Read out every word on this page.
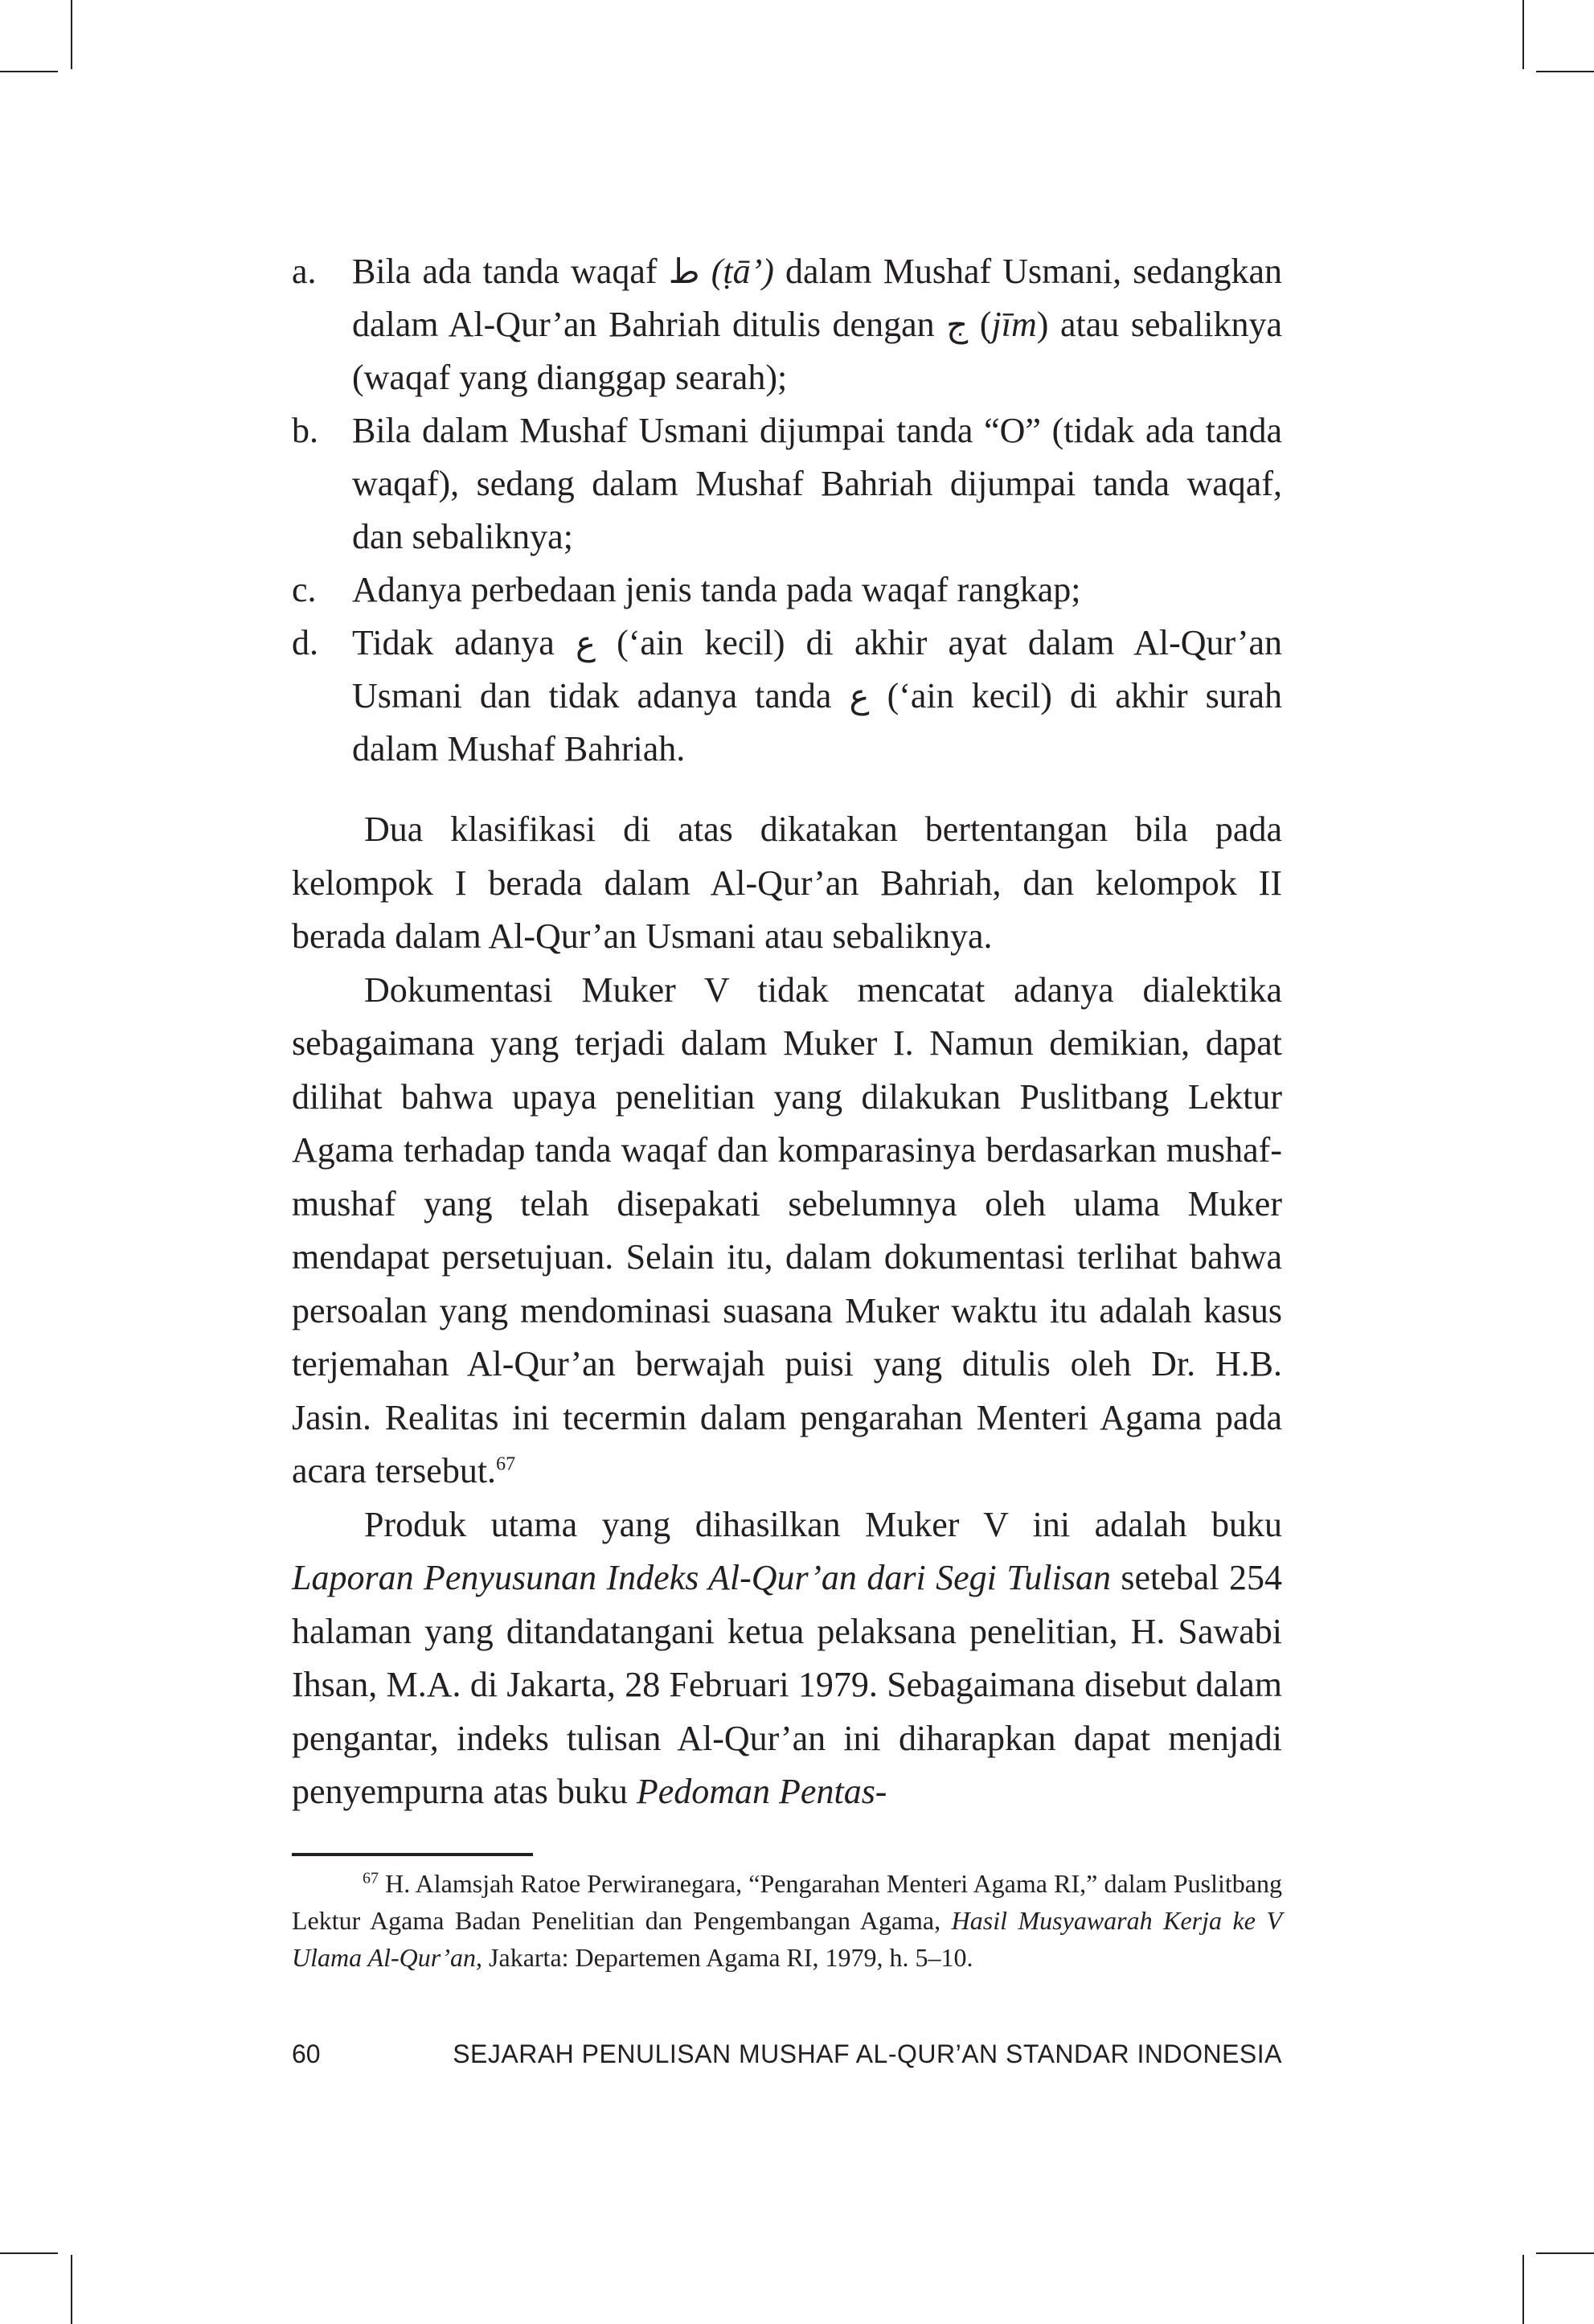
a. Bila ada tanda waqaf ط (ṭā’) dalam Mushaf Usmani, sedangkan dalam Al-Qur’an Bahriah ditulis dengan ج (jīm) atau sebaliknya (waqaf yang dianggap searah);
b. Bila dalam Mushaf Usmani dijumpai tanda “O” (tidak ada tanda waqaf), sedang dalam Mushaf Bahriah dijumpai tanda waqaf, dan sebaliknya;
c. Adanya perbedaan jenis tanda pada waqaf rangkap;
d. Tidak adanya ع (‘ain kecil) di akhir ayat dalam Al-Qur’an Usmani dan tidak adanya tanda ع (‘ain kecil) di akhir surah dalam Mushaf Bahriah.

Dua klasifikasi di atas dikatakan bertentangan bila pada kelompok I berada dalam Al-Qur’an Bahriah, dan kelompok II berada dalam Al-Qur’an Usmani atau sebaliknya.

Dokumentasi Muker V tidak mencatat adanya dialektika sebagaimana yang terjadi dalam Muker I. Namun demikian, dapat dilihat bahwa upaya penelitian yang dilakukan Puslitbang Lektur Agama terhadap tanda waqaf dan komparasinya berdasarkan mushaf-mushaf yang telah disepakati sebelumnya oleh ulama Muker mendapat persetujuan. Selain itu, dalam dokumentasi terlihat bahwa persoalan yang mendominasi suasana Muker waktu itu adalah kasus terjemahan Al-Qur’an berwajah puisi yang ditulis oleh Dr. H.B. Jasin. Realitas ini tecermin dalam pengarahan Menteri Agama pada acara tersebut.$^{67}$

Produk utama yang dihasilkan Muker V ini adalah buku Laporan Penyusunan Indeks Al-Qur’an dari Segi Tulisan setebal 254 halaman yang ditandatangani ketua pelaksana penelitian, H. Sawabi Ihsan, M.A. di Jakarta, 28 Februari 1979. Sebagaimana disebut dalam pengantar, indeks tulisan Al-Qur’an ini diharapkan dapat menjadi penyempurna atas buku Pedoman Pentas-

$^{67}$ H. Alamsjah Ratoe Perwiranegara, “Pengarahan Menteri Agama RI,” dalam Puslitbang Lektur Agama Badan Penelitian dan Pengembangan Agama, Hasil Musyawarah Kerja ke V Ulama Al-Qur’an, Jakarta: Departemen Agama RI, 1979, h. 5–10.

60	SEJARAH PENULISAN MUSHAF AL-QUR’AN STANDAR INDONESIA
